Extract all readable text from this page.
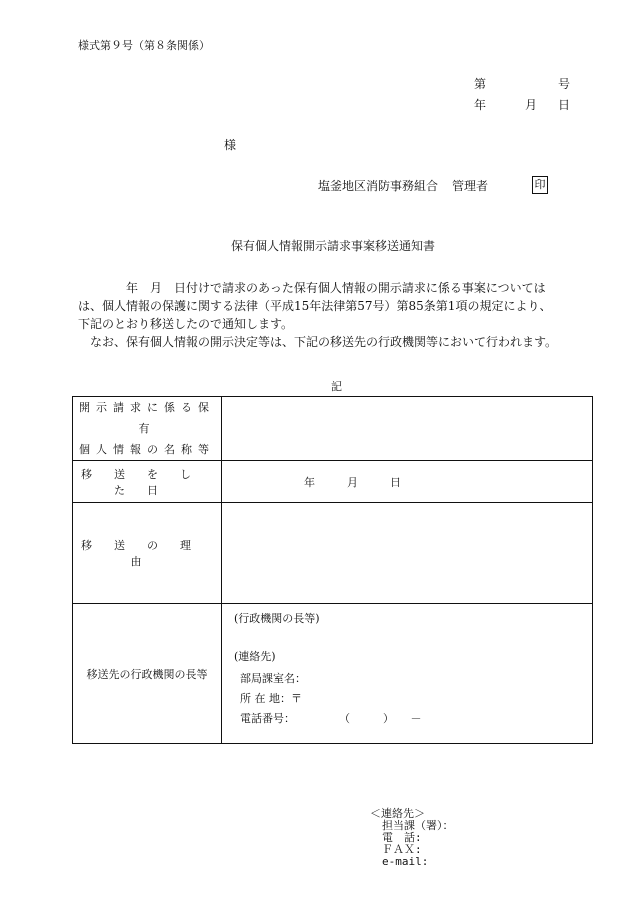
様式第９号（第８条関係）
第	号
年	月 日
様
塩釜地区消防事務組合 管理者	印
保有個人情報開示請求事案移送通知書
　　　　年　月　日付けで請求のあった保有個人情報の開示請求に係る事案については
は、個人情報の保護に関する法律（平成15年法律第57号）第85条第1項の規定により、
下記のとおり移送したので通知します。
　なお、保有個人情報の開示決定等は、下記の移送先の行政機関等において行われます。
記
開示請求に係る保有
個人情報の名称等	

移送をした日	年 月 日

移送の理由	
移送先の行政機関の長等	(行政機関の長等)
(連絡先)
部局課室名：
所 在 地：〒
電話番号：　　　　　（　　　）　　－
＜連絡先＞
担当課（署）：
電　話:
ＦＡＸ:
e-mail:
